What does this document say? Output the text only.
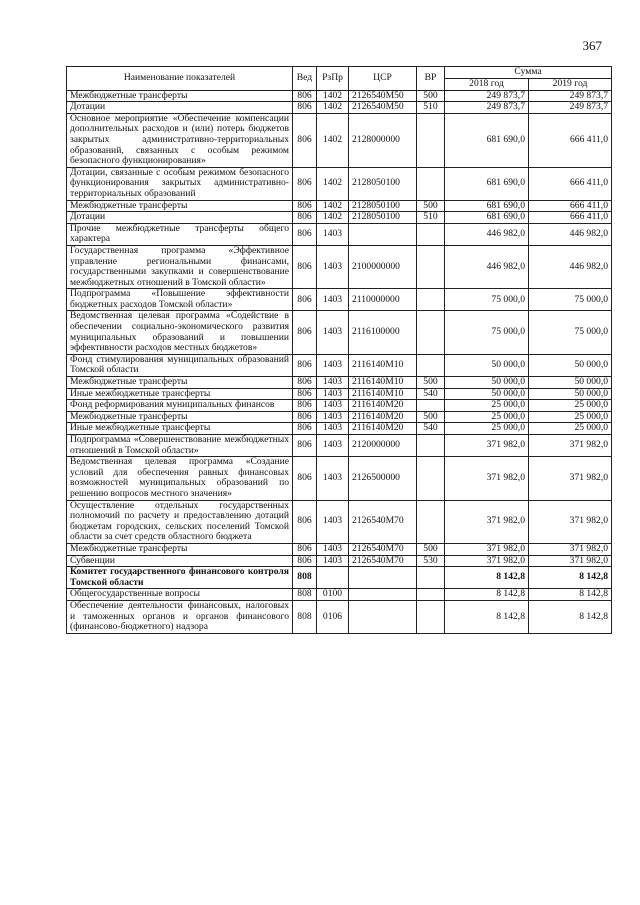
367
Наименование показателей	Вед	РзПр	ЦСР	ВР	Сумма	
					2018 год	2019 год
Межбюджетные трансферты	806	1402	2126540М50	500	249 873,7	249 873,7
Дотации	806	1402	2126540М50	510	249 873,7	249 873,7
Основное мероприятие «Обеспечение компенсации дополнительных расходов и (или) потерь бюджетов закрытых административно-территориальных образований, связанных с особым режимом безопасного функционирования»	806	1402	2128000000		681 690,0	666 411,0
Дотации, связанные с особым режимом безопасного функционирования закрытых административно-территориальных образований	806	1402	2128050100		681 690,0	666 411,0
Межбюджетные трансферты	806	1402	2128050100	500	681 690,0	666 411,0
Дотации	806	1402	2128050100	510	681 690,0	666 411,0
Прочие межбюджетные трансферты общего характера	806	1403			446 982,0	446 982,0
Государственная программа «Эффективное управление региональными финансами, государственными закупками и совершенствование межбюджетных отношений в Томской области»	806	1403	2100000000		446 982,0	446 982,0
Подпрограмма «Повышение эффективности бюджетных расходов Томской области»	806	1403	2110000000		75 000,0	75 000,0
Ведомственная целевая программа «Содействие в обеспечении социально-экономического развития муниципальных образований и повышении эффективности расходов местных бюджетов»	806	1403	2116100000		75 000,0	75 000,0
Фонд стимулирования муниципальных образований Томской области	806	1403	2116140М10		50 000,0	50 000,0
Межбюджетные трансферты	806	1403	2116140М10	500	50 000,0	50 000,0
Иные межбюджетные трансферты	806	1403	2116140М10	540	50 000,0	50 000,0
Фонд реформирования муниципальных финансов	806	1403	2116140М20		25 000,0	25 000,0
Межбюджетные трансферты	806	1403	2116140М20	500	25 000,0	25 000,0
Иные межбюджетные трансферты	806	1403	2116140М20	540	25 000,0	25 000,0
Подпрограмма «Совершенствование межбюджетных отношений в Томской области»	806	1403	2120000000		371 982,0	371 982,0
Ведомственная целевая программа «Создание условий для обеспечения равных финансовых возможностей муниципальных образований по решению вопросов местного значения»	806	1403	2126500000		371 982,0	371 982,0
Осуществление отдельных государственных полномочий по расчету и предоставлению дотаций бюджетам городских, сельских поселений Томской области за счет средств областного бюджета	806	1403	2126540М70		371 982,0	371 982,0
Межбюджетные трансферты	806	1403	2126540М70	500	371 982,0	371 982,0
Субвенции	806	1403	2126540М70	530	371 982,0	371 982,0
Комитет государственного финансового контроля Томской области	808				8 142,8	8 142,8
Общегосударственные вопросы	808	0100			8 142,8	8 142,8
Обеспечение деятельности финансовых, налоговых и таможенных органов и органов финансового (финансово-бюджетного) надзора	808	0106			8 142,8	8 142,8
